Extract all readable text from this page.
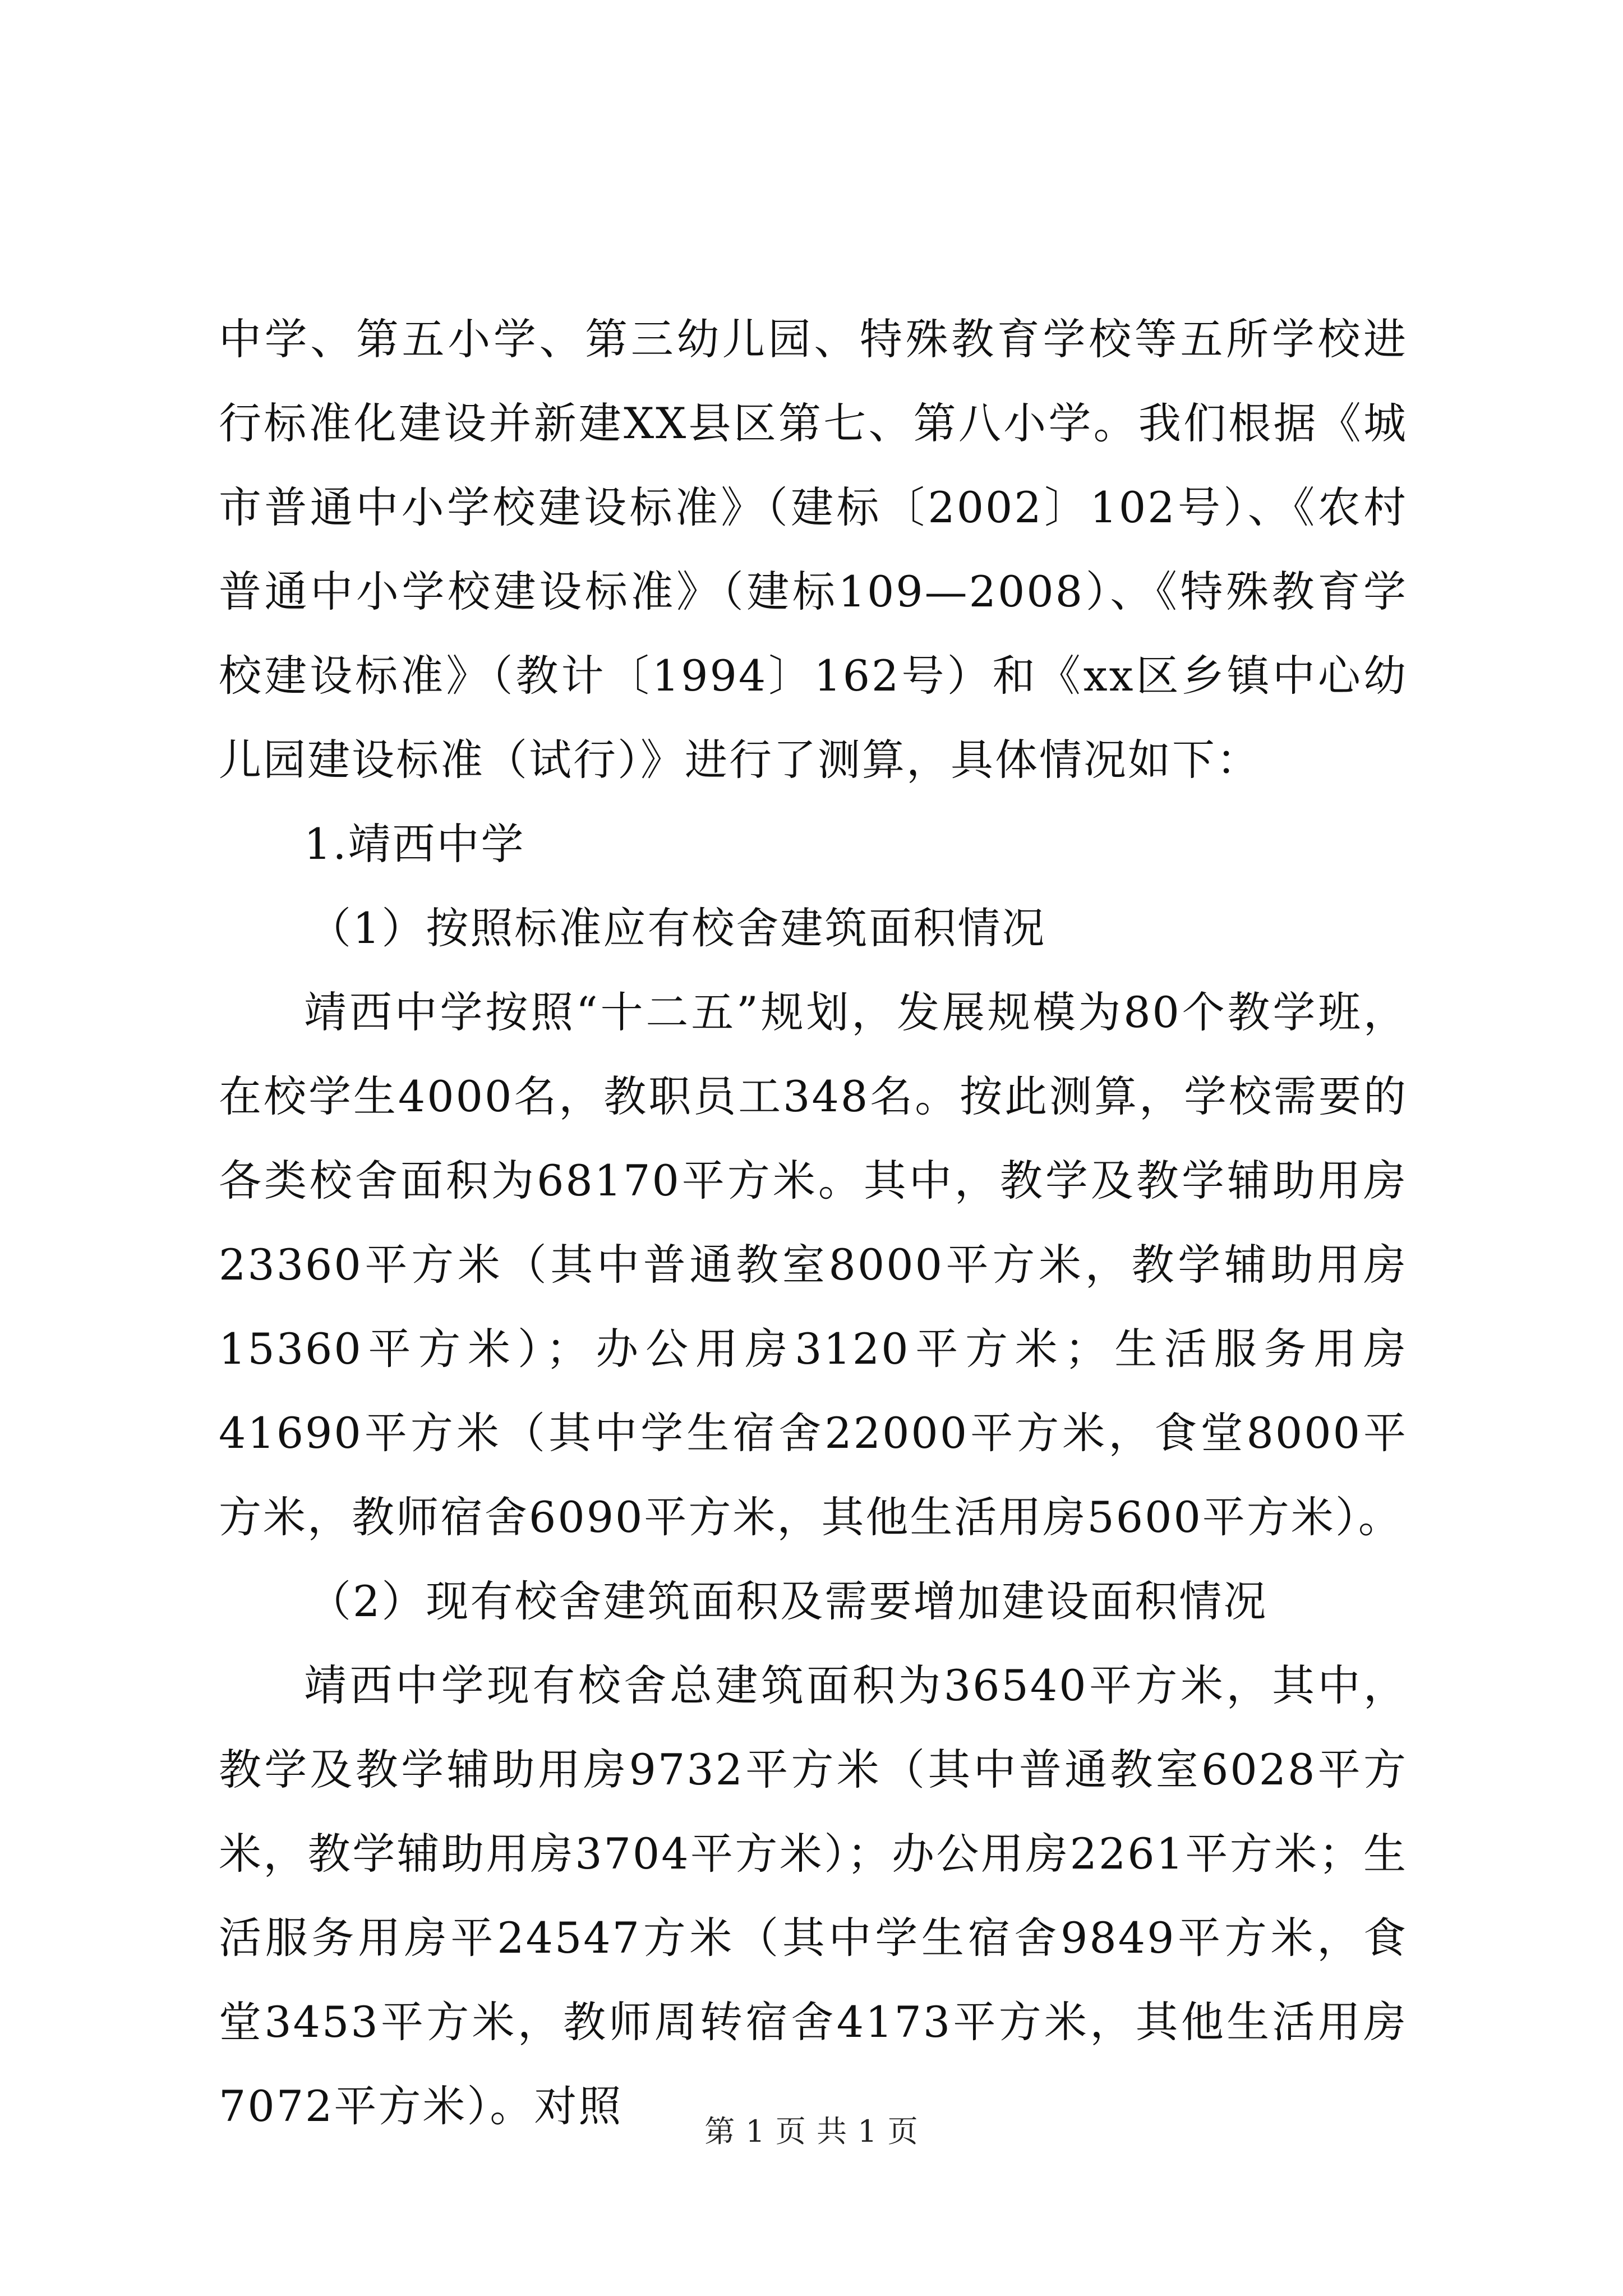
中学、第五小学、第三幼儿园、特殊教育学校等五所学校进行标准化建设并新建XX县区第七、第八小学。我们根据《城市普通中小学校建设标准》（建标〔2002〕102号）、《农村普通中小学校建设标准》（建标109—2008）、《特殊教育学校建设标准》（教计〔1994〕162号）和《xx区乡镇中心幼儿园建设标准（试行）》进行了测算，具体情况如下：

1.靖西中学

（1）按照标准应有校舍建筑面积情况

靖西中学按照“十二五”规划，发展规模为80个教学班，在校学生4000名，教职员工348名。按此测算，学校需要的各类校舍面积为68170平方米。其中，教学及教学辅助用房23360平方米（其中普通教室8000平方米，教学辅助用房15360平方米）；办公用房3120平方米；生活服务用房41690平方米（其中学生宿舍22000平方米，食堂8000平方米，教师宿舍6090平方米，其他生活用房5600平方米）。

（2）现有校舍建筑面积及需要增加建设面积情况

靖西中学现有校舍总建筑面积为36540平方米，其中，教学及教学辅助用房9732平方米（其中普通教室6028平方米，教学辅助用房3704平方米）；办公用房2261平方米；生活服务用房平24547方米（其中学生宿舍9849平方米，食堂3453平方米，教师周转宿舍4173平方米，其他生活用房7072平方米）。对照

第 1 页 共 1 页
